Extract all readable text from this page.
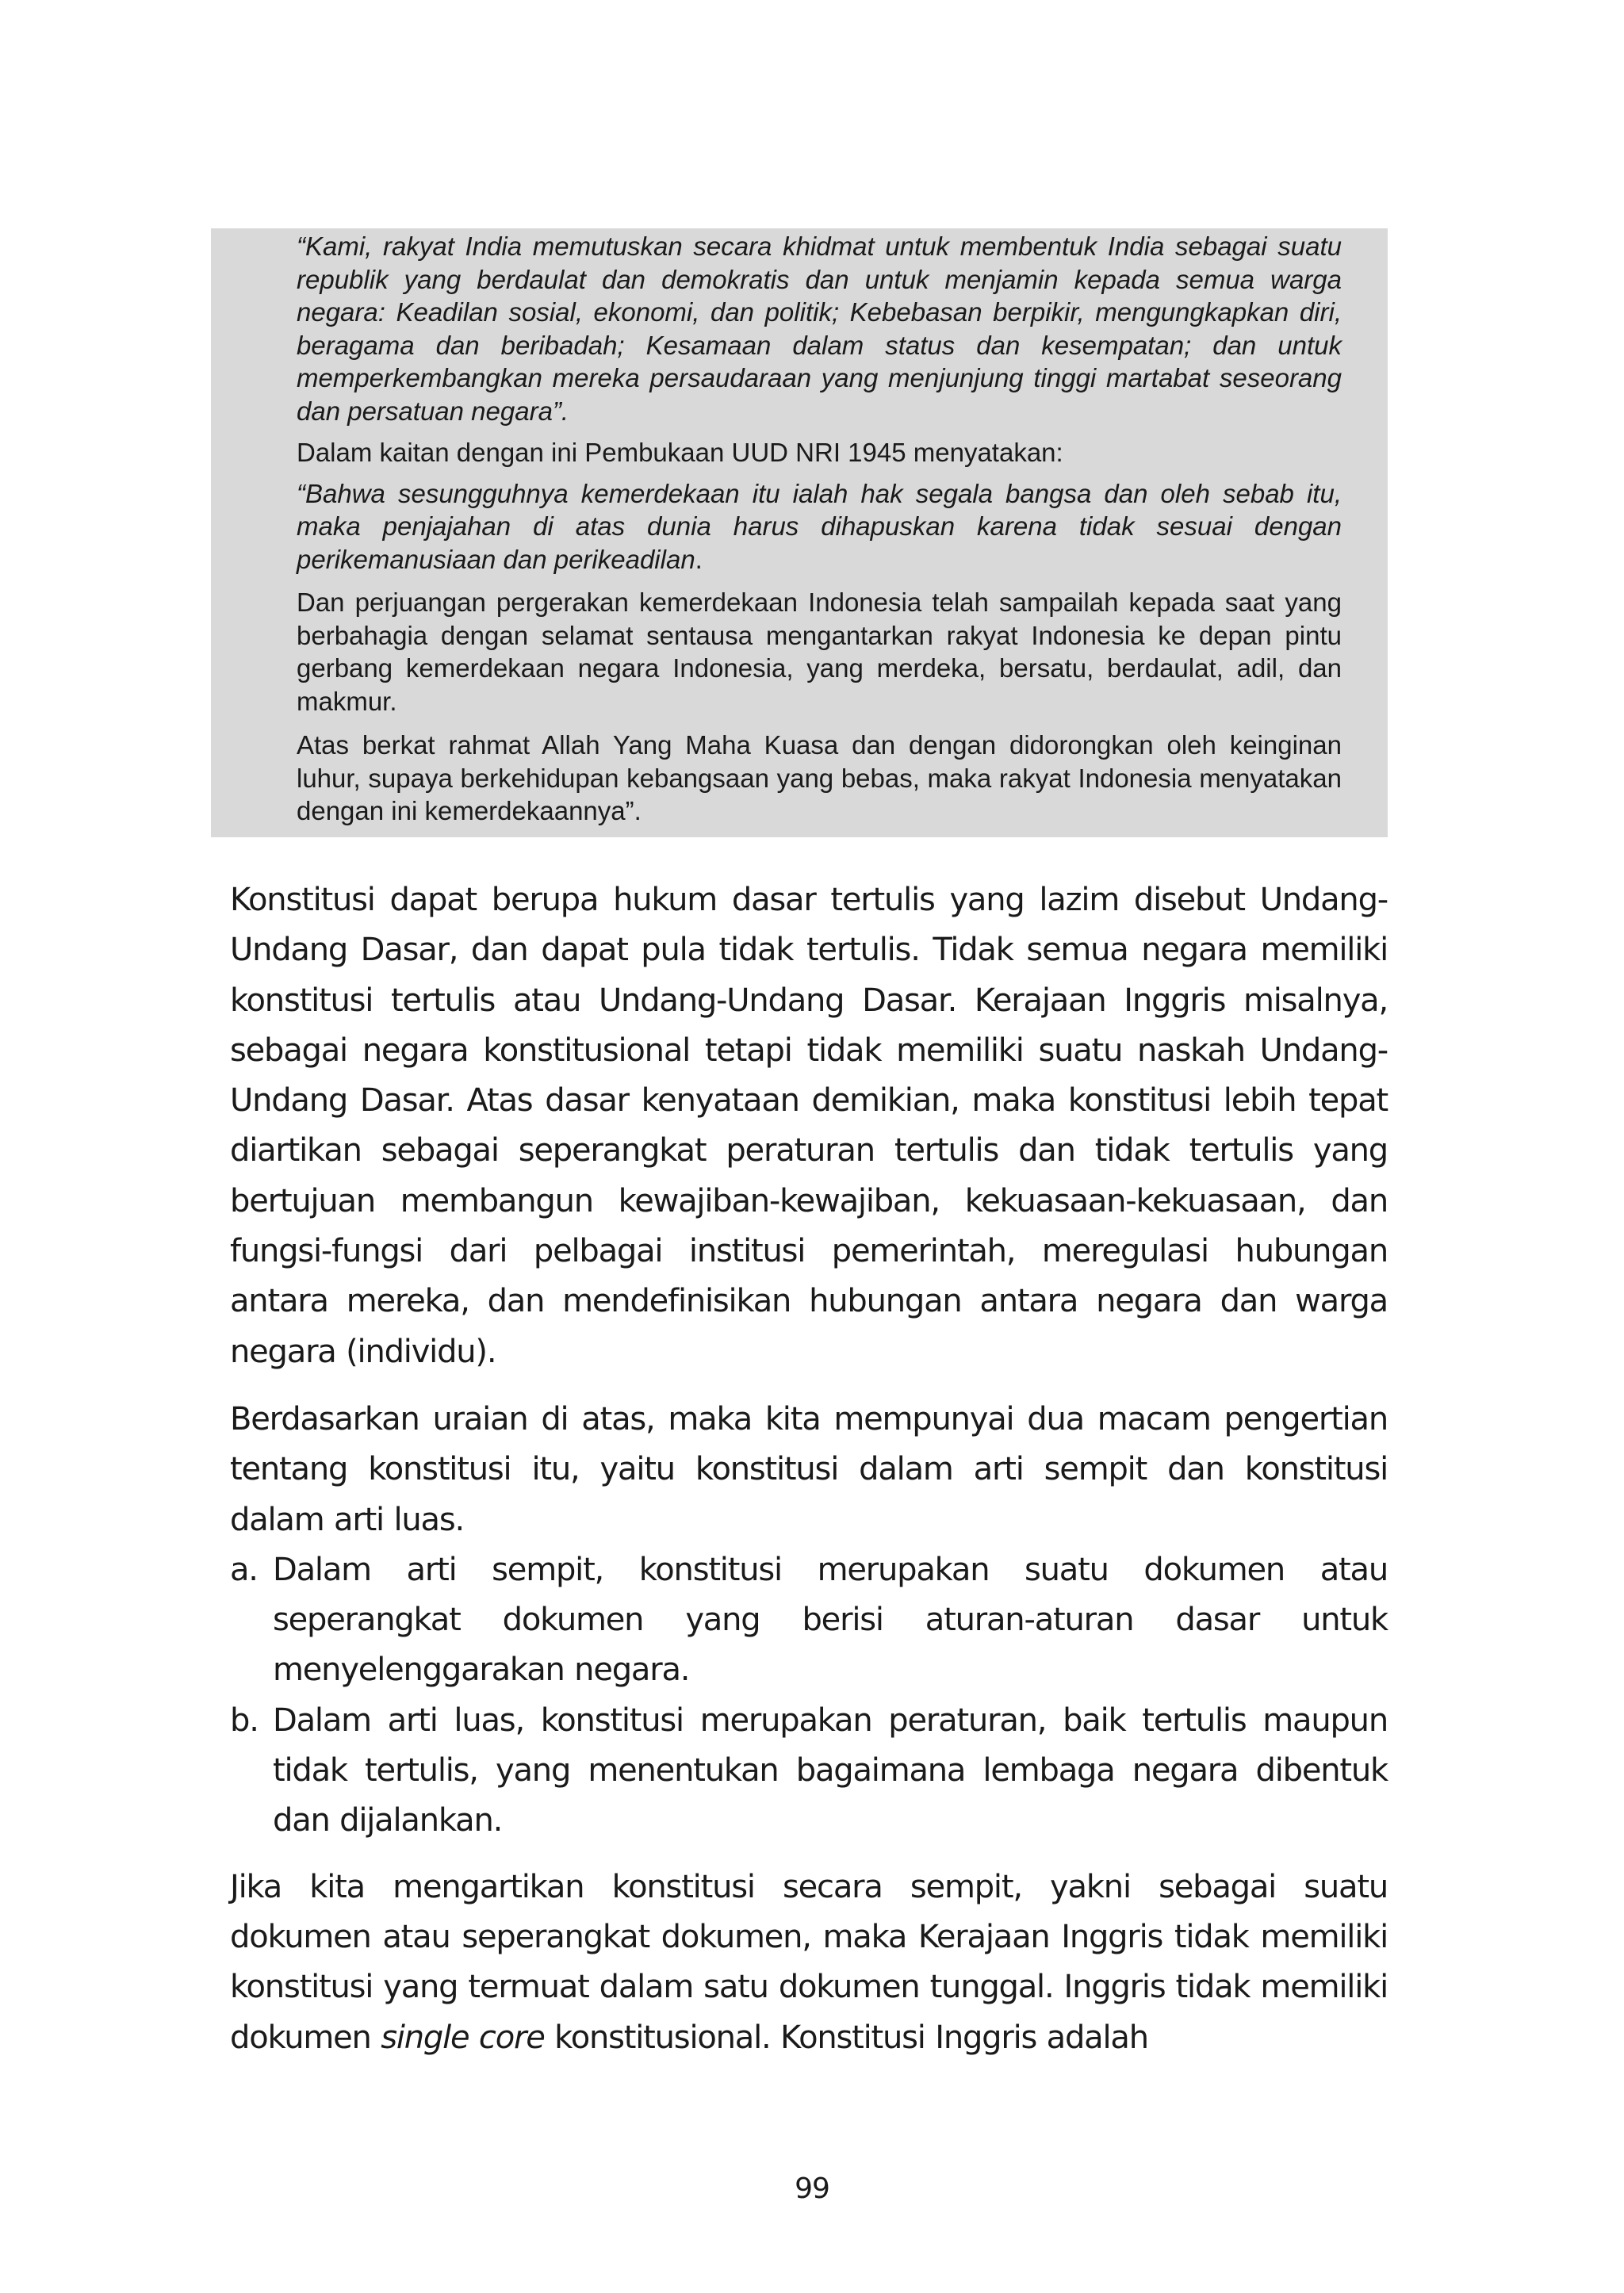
“Kami, rakyat India memutuskan secara khidmat untuk membentuk India sebagai suatu republik yang berdaulat dan demokratis dan untuk menjamin kepada semua warga negara: Keadilan sosial, ekonomi, dan politik; Kebebasan berpikir, mengungkapkan diri, beragama dan beribadah; Kesamaan dalam status dan kesempatan; dan untuk memperkembangkan mereka persaudaraan yang menjunjung tinggi martabat seseorang dan persatuan negara”.

Dalam kaitan dengan ini Pembukaan UUD NRI 1945 menyatakan:

“Bahwa sesungguhnya kemerdekaan itu ialah hak segala bangsa dan oleh sebab itu, maka penjajahan di atas dunia harus dihapuskan karena tidak sesuai dengan perikemanusiaan dan perikeadilan.

Dan perjuangan pergerakan kemerdekaan Indonesia telah sampailah kepada saat yang berbahagia dengan selamat sentausa mengantarkan rakyat Indonesia ke depan pintu gerbang kemerdekaan negara Indonesia, yang merdeka, bersatu, berdaulat, adil, dan makmur.

Atas berkat rahmat Allah Yang Maha Kuasa dan dengan didorongkan oleh keinginan luhur, supaya berkehidupan kebangsaan yang bebas, maka rakyat Indonesia menyatakan dengan ini kemerdekaannya”.

Konstitusi dapat berupa hukum dasar tertulis yang lazim disebut Undang-Undang Dasar, dan dapat pula tidak tertulis. Tidak semua negara memiliki konstitusi tertulis atau Undang-Undang Dasar. Kerajaan Inggris misalnya, sebagai negara konstitusional tetapi tidak memiliki suatu naskah Undang-Undang Dasar. Atas dasar kenyataan demikian, maka konstitusi lebih tepat diartikan sebagai seperangkat peraturan tertulis dan tidak tertulis yang bertujuan membangun kewajiban-kewajiban, kekuasaan-kekuasaan, dan fungsi-fungsi dari pelbagai institusi pemerintah, meregulasi hubungan antara mereka, dan mendefinisikan hubungan antara negara dan warga negara (individu).

Berdasarkan uraian di atas, maka kita mempunyai dua macam pengertian tentang konstitusi itu, yaitu konstitusi dalam arti sempit dan konstitusi dalam arti luas.

a. Dalam arti sempit, konstitusi merupakan suatu dokumen atau seperangkat dokumen yang berisi aturan-aturan dasar untuk menyelenggarakan negara.
b. Dalam arti luas, konstitusi merupakan peraturan, baik tertulis maupun tidak tertulis, yang menentukan bagaimana lembaga negara dibentuk dan dijalankan.

Jika kita mengartikan konstitusi secara sempit, yakni sebagai suatu dokumen atau seperangkat dokumen, maka Kerajaan Inggris tidak memiliki konstitusi yang termuat dalam satu dokumen tunggal. Inggris tidak memiliki dokumen single core konstitusional. Konstitusi Inggris adalah

99
